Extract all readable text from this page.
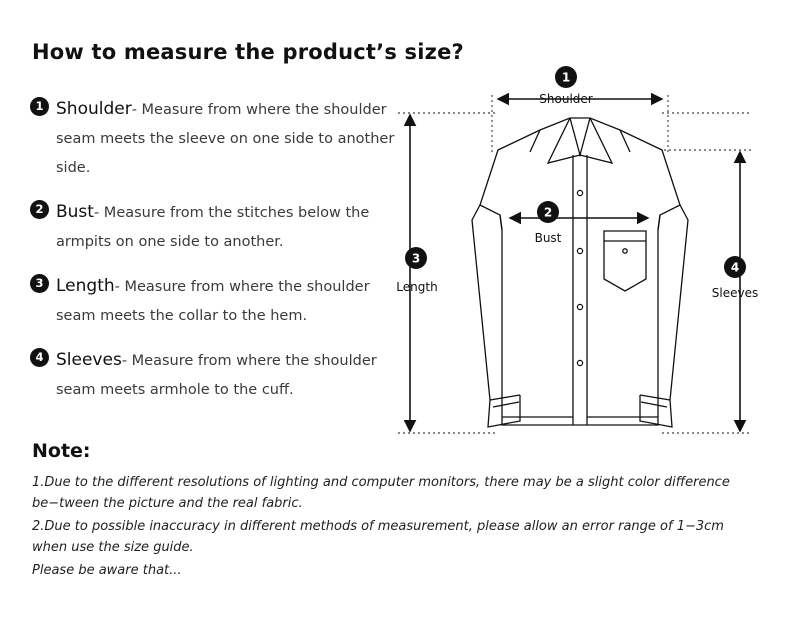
How to measure the product’s size?
1 Shoulder- Measure from where the shoulder seam meets the sleeve on one side to another side.
2 Bust- Measure from the stitches below the armpits on one side to another.
3 Length- Measure from where the shoulder seam meets the collar to the hem.
4 Sleeves- Measure from where the shoulder seam meets armhole to the cuff.
1
Shoulder
2
Bust
3
Length
4
Sleeves
Note:

1.Due to the different resolutions of lighting and computer monitors, there may be a slight color difference be−tween the picture and the real fabric.

2.Due to possible inaccuracy in different methods of measurement, please allow an error range of 1−3cm when use the size guide.

Please be aware that...
